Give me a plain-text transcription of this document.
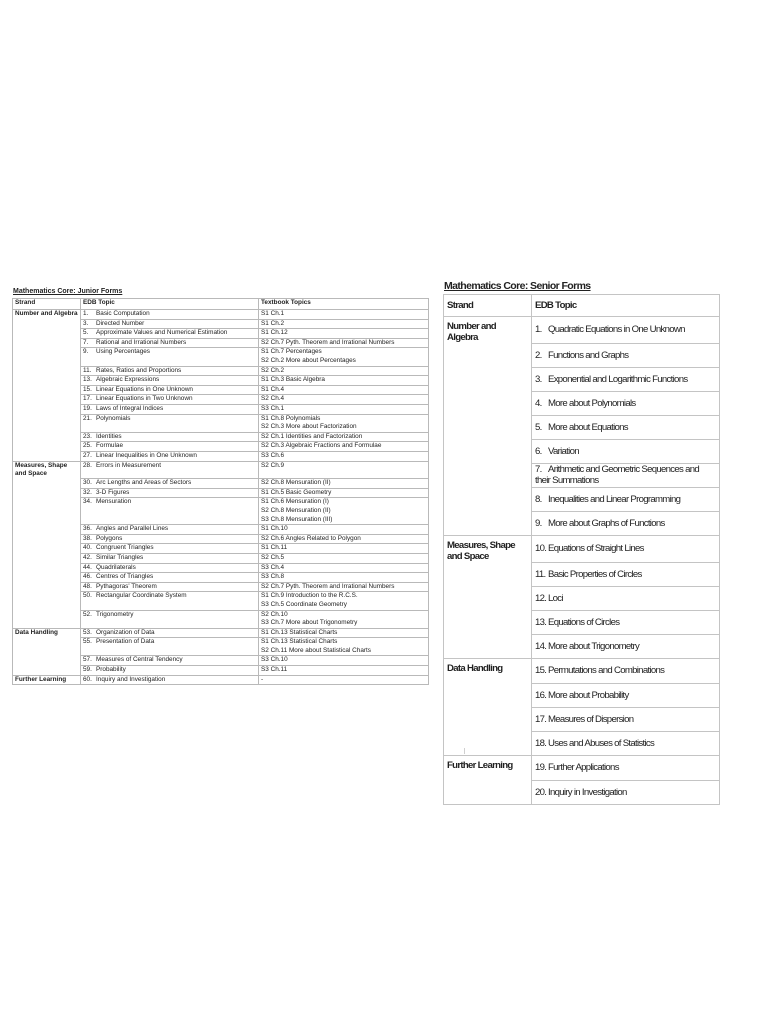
Mathematics Core: Junior Forms
Strand	EDB Topic	Textbook Topics
Number and Algebra	1. Basic Computation	S1 Ch.1

	3. Directed Number	S1 Ch.2

	5. Approximate Values and Numerical Estimation	S1 Ch.12

	7. Rational and Irrational Numbers	S2 Ch.7 Pyth. Theorem and Irrational Numbers

	9. Using Percentages	S1 Ch.7 Percentages
S2 Ch.2 More about Percentages

	11. Rates, Ratios and Proportions	S2 Ch.2

	13. Algebraic Expressions	S1 Ch.3 Basic Algebra

	15. Linear Equations in One Unknown	S1 Ch.4

	17. Linear Equations in Two Unknown	S2 Ch.4

	19. Laws of Integral Indices	S3 Ch.1

	21. Polynomials	S1 Ch.8 Polynomials
S2 Ch.3 More about Factorization

	23. Identities	S2 Ch.1 Identities and Factorization

	25. Formulae	S2 Ch.3 Algebraic Fractions and Formulae

	27. Linear Inequalities in One Unknown	S3 Ch.6

Measures, Shape and Space	28. Errors in Measurement	S2 Ch.9

	30. Arc Lengths and Areas of Sectors	S2 Ch.8 Mensuration (II)

	32. 3-D Figures	S1 Ch.5 Basic Geometry

	34. Mensuration	S1 Ch.6 Mensuration (I)
S2 Ch.8 Mensuration (II)
S3 Ch.8 Mensuration (III)

	36. Angles and Parallel Lines	S1 Ch.10

	38. Polygons	S2 Ch.6 Angles Related to Polygon

	40. Congruent Triangles	S1 Ch.11

	42. Similar Triangles	S2 Ch.5

	44. Quadrilaterals	S3 Ch.4

	46. Centres of Triangles	S3 Ch.8

	48. Pythagoras' Theorem	S2 Ch.7 Pyth. Theorem and Irrational Numbers

	50. Rectangular Coordinate System	S1 Ch.9 Introduction to the R.C.S.
S3 Ch.5 Coordinate Geometry

	52. Trigonometry	S2 Ch.10
S3 Ch.7 More about Trigonometry

Data Handling	53. Organization of Data	S1 Ch.13 Statistical Charts

	55. Presentation of Data	S1 Ch.13 Statistical Charts
S2 Ch.11 More about Statistical Charts

	57. Measures of Central Tendency	S3 Ch.10

	59. Probability	S3 Ch.11

Further Learning	60. Inquiry and Investigation	-
Mathematics Core: Senior Forms
Strand	EDB Topic
Number and Algebra	1. Quadratic Equations in One Unknown
	2. Functions and Graphs
	3. Exponential and Logarithmic Functions
	4. More about Polynomials
	5. More about Equations
	6. Variation
	7. Arithmetic and Geometric Sequences and their Summations
	8. Inequalities and Linear Programming
	9. More about Graphs of Functions
Measures, Shape and Space	10. Equations of Straight Lines
	11. Basic Properties of Circles
	12. Loci
	13. Equations of Circles
	14. More about Trigonometry
Data Handling	15. Permutations and Combinations
	16. More about Probability
	17. Measures of Dispersion
	18. Uses and Abuses of Statistics
Further Learning	19. Further Applications
	20. Inquiry in Investigation
